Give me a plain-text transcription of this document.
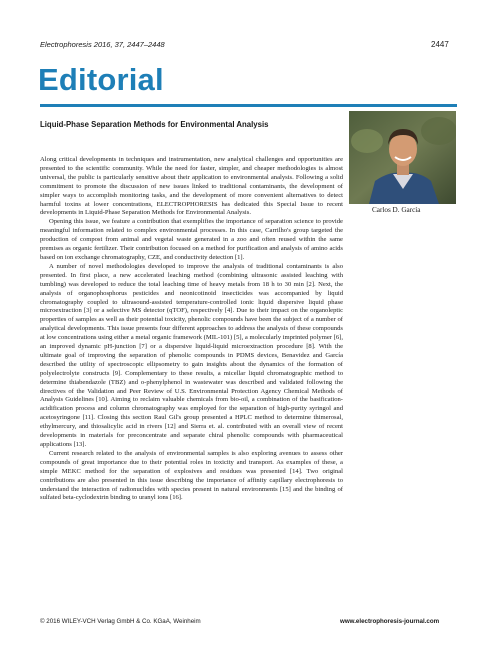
Electrophoresis 2016, 37, 2447–2448	2447
Editorial
Liquid-Phase Separation Methods for Environmental Analysis
Carlos D. García

Along critical developments in techniques and instrumentation, new analytical challenges and opportunities are presented to the scientific community. While the need for faster, simpler, and cheaper methodologies is almost universal, the public is particularly sensitive about their application to environmental analysis. Following a solid commitment to promote the discussion of new issues linked to traditional contaminants, the development of simpler ways to accomplish monitoring tasks, and the development of more convenient alternatives to detect harmful toxins at lower concentrations, ELECTROPHORESIS has dedicated this Special Issue to recent developments in Liquid-Phase Separation Methods for Environmental Analysis.

Opening this issue, we feature a contribution that exemplifies the importance of separation science to provide meaningful information related to complex environmental processes. In this case, Carrilho's group targeted the production of compost from animal and vegetal waste generated in a zoo and often reused within the same premises as organic fertilizer. Their contribution focused on a method for purification and analysis of amino acids based on ion exchange chromatography, CZE, and conductivity detection [1].

A number of novel methodologies developed to improve the analysis of traditional contaminants is also presented. In first place, a new accelerated leaching method (combining ultrasonic assisted leaching with tumbling) was developed to reduce the total leaching time of heavy metals from 18 h to 30 min [2]. Next, the analysis of organophosphorus pesticides and neonicotinoid insecticides was accompanied by liquid chromatography coupled to ultrasound-assisted temperature-controlled ionic liquid dispersive liquid phase microextraction [3] or a selective MS detector (qTOF), respectively [4]. Due to their impact on the organoleptic properties of samples as well as their potential toxicity, phenolic compounds have been the subject of a number of analytical developments. This issue presents four different approaches to address the analysis of these compounds at low concentrations using either a metal organic framework (MIL-101) [5], a molecularly imprinted polymer [6], an improved dynamic pH-junction [7] or a dispersive liquid-liquid microextraction procedure [8]. With the ultimate goal of improving the separation of phenolic compounds in PDMS devices, Benavidez and García described the utility of spectroscopic ellipsometry to gain insights about the dynamics of the formation of polyelectrolyte constructs [9]. Complementary to these results, a micellar liquid chromatographic method to determine thiabendazole (TBZ) and o-phenylphenol in wastewater was described and validated following the directives of the Validation and Peer Review of U.S. Environmental Protection Agency Chemical Methods of Analysis Guidelines [10]. Aiming to reclaim valuable chemicals from bio-oil, a combination of the basification-acidification process and column chromatography was employed for the separation of high-purity syringol and acetosyringone [11]. Closing this section Raul Gil's group presented a HPLC method to determine thimerosal, ethylmercury, and thiosalicylic acid in rivers [12] and Sierra et. al. contributed with an overall view of recent developments in materials for preconcentrate and separate chiral phenolic compounds with pharmaceutical applications [13].

Current research related to the analysis of environmental samples is also exploring avenues to assess other compounds of great importance due to their potential roles in toxicity and transport. As examples of these, a simple MEKC method for the separation of explosives and residues was presented [14]. Two original contributions are also presented in this issue describing the importance of affinity capillary electrophoresis to understand the interaction of radionuclides with species present in natural environments [15] and the binding of sulfated beta-cyclodextrin binding to uranyl ions [16].

© 2016 WILEY-VCH Verlag GmbH & Co. KGaA, Weinheim	www.electrophoresis-journal.com
